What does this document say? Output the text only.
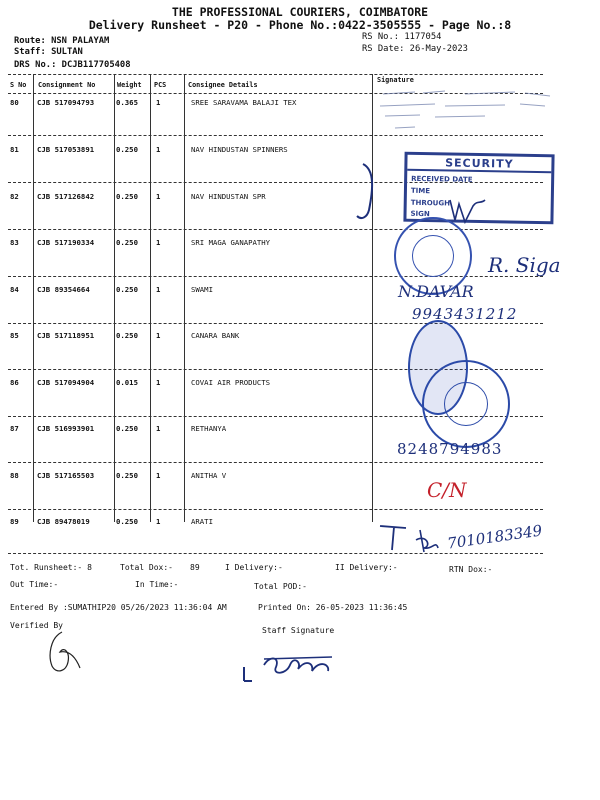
THE PROFESSIONAL COURIERS, COIMBATORE
Delivery Runsheet - P20 - Phone No.:0422-3505555 - Page No.:8
Route: NSN PALAYAM
Staff: SULTAN
DRS No.: DCJB117705408
RS No.: 1177054
RS Date: 26-May-2023
S No Consignment No	Weight PCS	Consignee Details
Signature
80 CJB 517094793	0.365 1	SREE SARAVAMA BALAJI TEX
81 CJB 517053891	0.250 1	NAV HINDUSTAN SPINNERS
82 CJB 517126842	0.250 1	NAV HINDUSTAN SPR
83 CJB 517190334	0.250 1	SRI MAGA GANAPATHY
84 CJB 89354664	0.250 1	SWAMI
85 CJB 517118951	0.250 1	CANARA BANK
86 CJB 517094904	0.015 1	COVAI AIR PRODUCTS
87 CJB 516993901	0.250 1	RETHANYA
88 CJB 517165503	0.250 1	ANITHA V
89 CJB 89478019	0.250 1	ARATI
SECURITY
RECEIVED DATE
TIME
THROUGH
SIGN
R. Siga
N.DAVAR
9943431212
8248794983
C/N
7010183349
Tot. Runsheet:- 8	Total Dox:- 89	I Delivery:-	II Delivery:-	RTN Dox:-
Out Time:-	In Time:-	Total POD:-
Entered By :SUMATHIP20 05/26/2023 11:36:04 AM	Printed On: 26-05-2023 11:36:45
Verified By
Staff Signature
